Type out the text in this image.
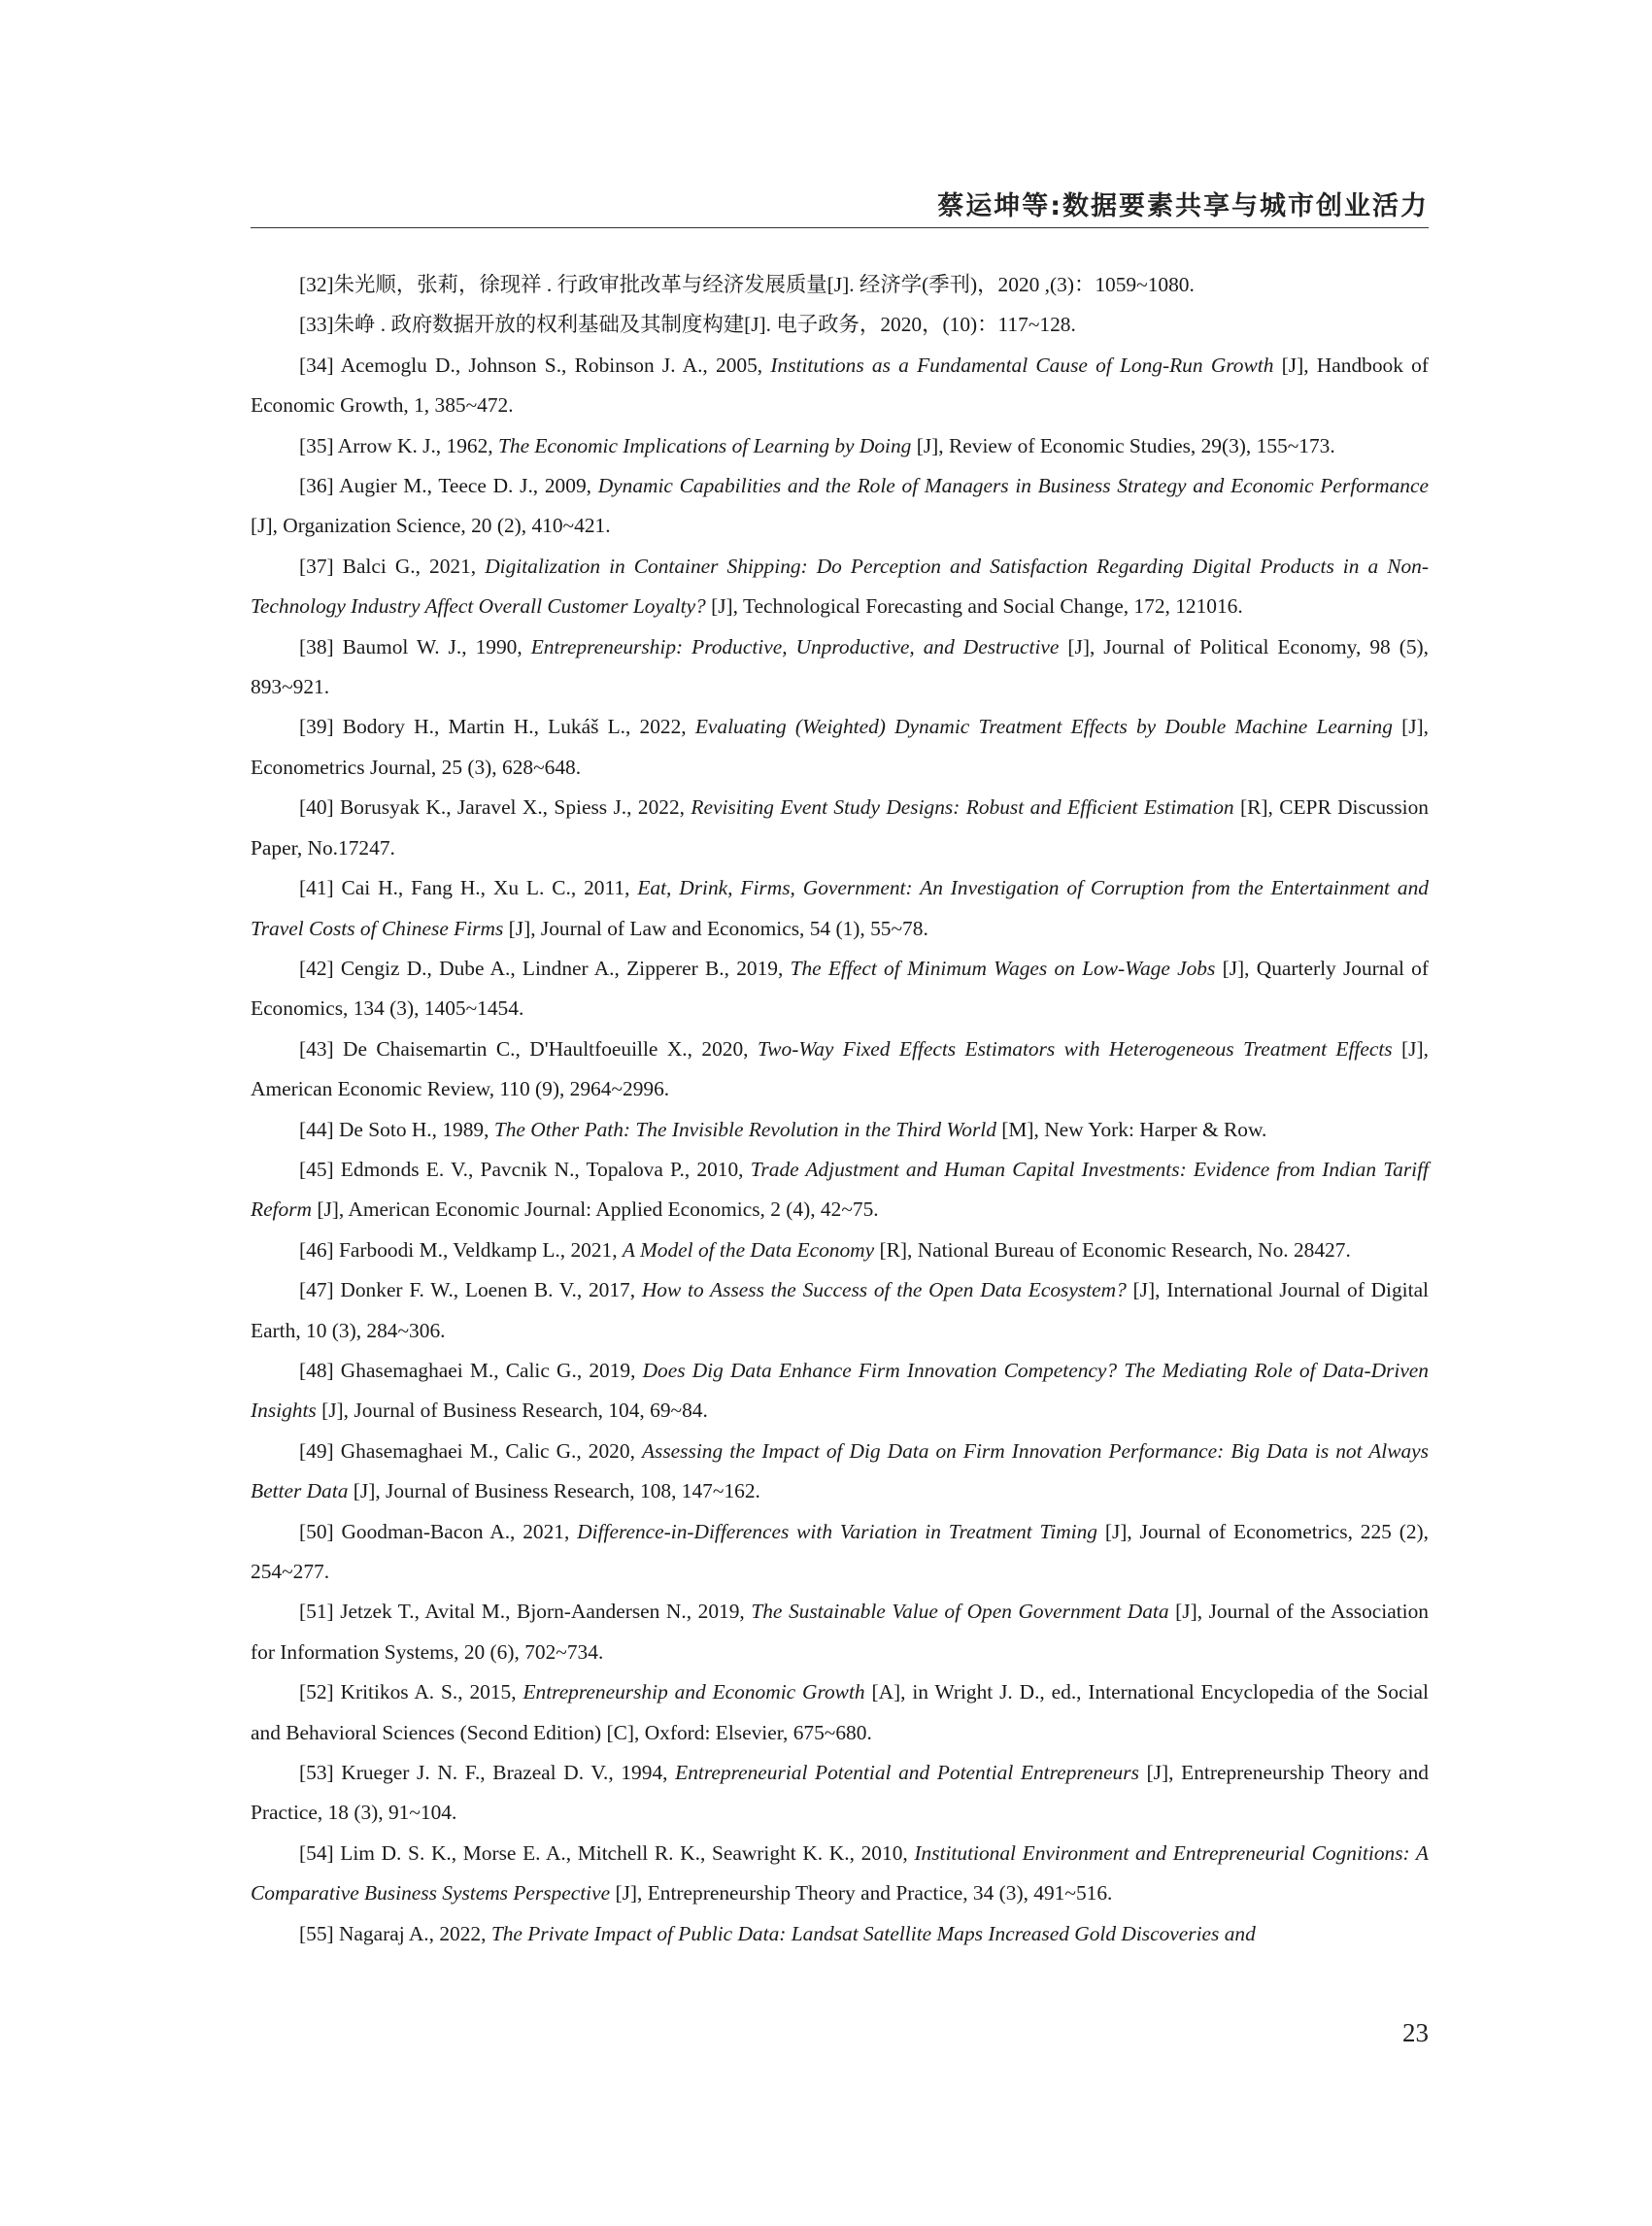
蔡运坤等:数据要素共享与城市创业活力

[32]朱光顺，张莉，徐现祥 . 行政审批改革与经济发展质量[J]. 经济学(季刊)，2020 ,(3)：1059~1080.

[33]朱峥 . 政府数据开放的权利基础及其制度构建[J]. 电子政务，2020，(10)：117~128.

[34] Acemoglu D., Johnson S., Robinson J. A., 2005, Institutions as a Fundamental Cause of Long-Run Growth [J], Handbook of Economic Growth, 1, 385~472.

[35] Arrow K. J., 1962, The Economic Implications of Learning by Doing [J], Review of Economic Studies, 29(3), 155~173.

[36] Augier M., Teece D. J., 2009, Dynamic Capabilities and the Role of Managers in Business Strategy and Economic Performance [J], Organization Science, 20 (2), 410~421.

[37] Balci G., 2021, Digitalization in Container Shipping: Do Perception and Satisfaction Regarding Digital Products in a Non-Technology Industry Affect Overall Customer Loyalty? [J], Technological Forecasting and Social Change, 172, 121016.

[38] Baumol W. J., 1990, Entrepreneurship: Productive, Unproductive, and Destructive [J], Journal of Political Economy, 98 (5), 893~921.

[39] Bodory H., Martin H., Lukáš L., 2022, Evaluating (Weighted) Dynamic Treatment Effects by Double Machine Learning [J], Econometrics Journal, 25 (3), 628~648.

[40] Borusyak K., Jaravel X., Spiess J., 2022, Revisiting Event Study Designs: Robust and Efficient Estimation [R], CEPR Discussion Paper, No.17247.

[41] Cai H., Fang H., Xu L. C., 2011, Eat, Drink, Firms, Government: An Investigation of Corruption from the Entertainment and Travel Costs of Chinese Firms [J], Journal of Law and Economics, 54 (1), 55~78.

[42] Cengiz D., Dube A., Lindner A., Zipperer B., 2019, The Effect of Minimum Wages on Low-Wage Jobs [J], Quarterly Journal of Economics, 134 (3), 1405~1454.

[43] De Chaisemartin C., D'Haultfoeuille X., 2020, Two-Way Fixed Effects Estimators with Heterogeneous Treatment Effects [J], American Economic Review, 110 (9), 2964~2996.

[44] De Soto H., 1989, The Other Path: The Invisible Revolution in the Third World [M], New York: Harper & Row.

[45] Edmonds E. V., Pavcnik N., Topalova P., 2010, Trade Adjustment and Human Capital Investments: Evidence from Indian Tariff Reform [J], American Economic Journal: Applied Economics, 2 (4), 42~75.

[46] Farboodi M., Veldkamp L., 2021, A Model of the Data Economy [R], National Bureau of Economic Research, No. 28427.

[47] Donker F. W., Loenen B. V., 2017, How to Assess the Success of the Open Data Ecosystem? [J], International Journal of Digital Earth, 10 (3), 284~306.

[48] Ghasemaghaei M., Calic G., 2019, Does Dig Data Enhance Firm Innovation Competency? The Mediating Role of Data-Driven Insights [J], Journal of Business Research, 104, 69~84.

[49] Ghasemaghaei M., Calic G., 2020, Assessing the Impact of Dig Data on Firm Innovation Performance: Big Data is not Always Better Data [J], Journal of Business Research, 108, 147~162.

[50] Goodman-Bacon A., 2021, Difference-in-Differences with Variation in Treatment Timing [J], Journal of Econometrics, 225 (2), 254~277.

[51] Jetzek T., Avital M., Bjorn-Aandersen N., 2019, The Sustainable Value of Open Government Data [J], Journal of the Association for Information Systems, 20 (6), 702~734.

[52] Kritikos A. S., 2015, Entrepreneurship and Economic Growth [A], in Wright J. D., ed., International Encyclopedia of the Social and Behavioral Sciences (Second Edition) [C], Oxford: Elsevier, 675~680.

[53] Krueger J. N. F., Brazeal D. V., 1994, Entrepreneurial Potential and Potential Entrepreneurs [J], Entrepreneurship Theory and Practice, 18 (3), 91~104.

[54] Lim D. S. K., Morse E. A., Mitchell R. K., Seawright K. K., 2010, Institutional Environment and Entrepreneurial Cognitions: A Comparative Business Systems Perspective [J], Entrepreneurship Theory and Practice, 34 (3), 491~516.

[55] Nagaraj A., 2022, The Private Impact of Public Data: Landsat Satellite Maps Increased Gold Discoveries and

23
